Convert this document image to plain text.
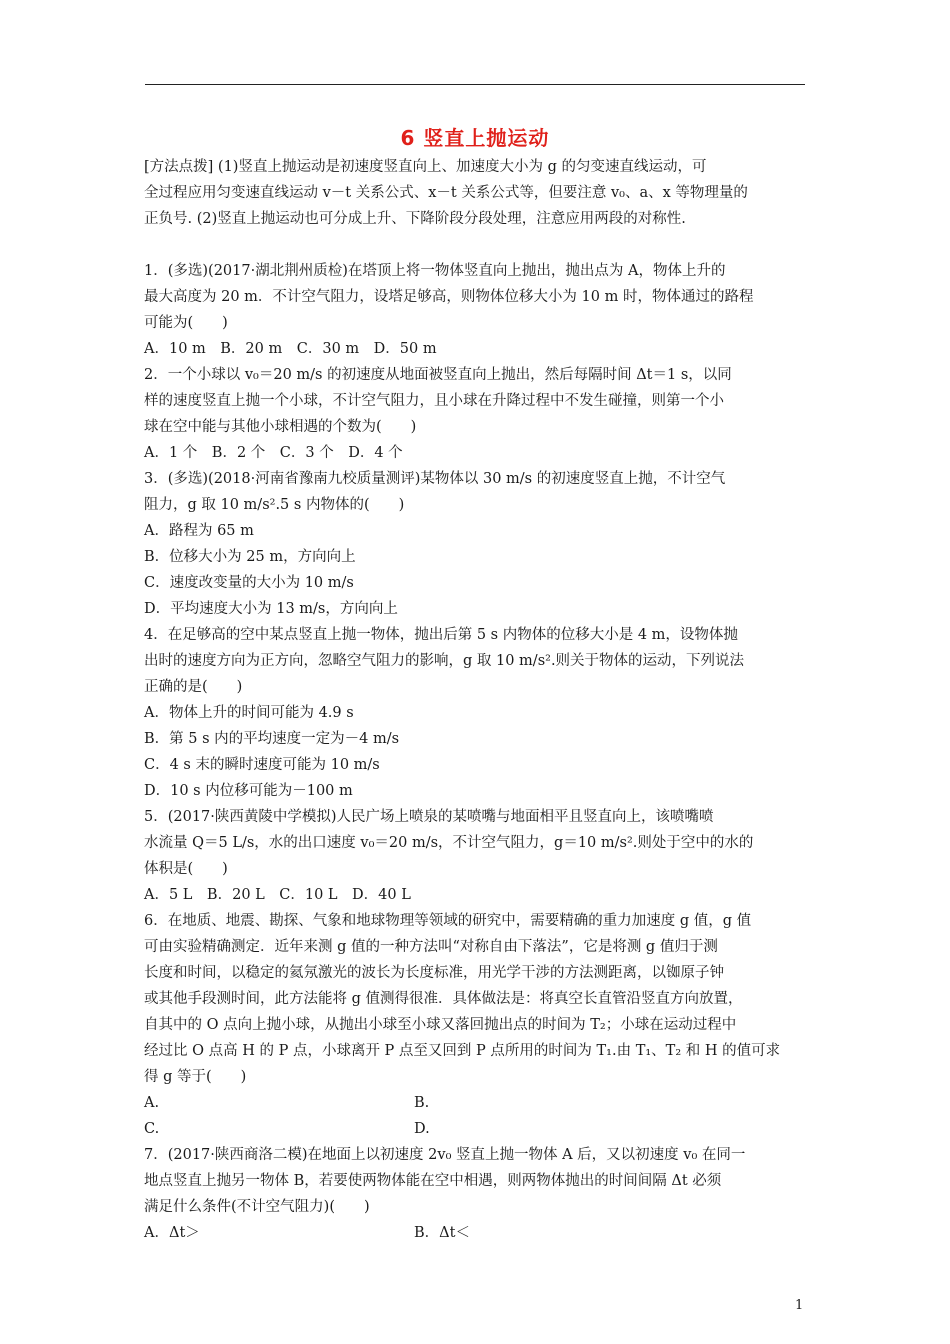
6 竖直上抛运动

[方法点拨] (1)竖直上抛运动是初速度竖直向上、加速度大小为 g 的匀变速直线运动，可

全过程应用匀变速直线运动 v－t 关系公式、x－t 关系公式等，但要注意 v₀、a、x 等物理量的

正负号. (2)竖直上抛运动也可分成上升、下降阶段分段处理，注意应用两段的对称性.

1．(多选)(2017·湖北荆州质检)在塔顶上将一物体竖直向上抛出，抛出点为 A，物体上升的

最大高度为 20 m．不计空气阻力，设塔足够高，则物体位移大小为 10 m 时，物体通过的路程

可能为(　　)

A．10 m　B．20 m　C．30 m　D．50 m

2．一个小球以 v₀＝20 m/s 的初速度从地面被竖直向上抛出，然后每隔时间 Δt＝1 s，以同

样的速度竖直上抛一个小球，不计空气阻力，且小球在升降过程中不发生碰撞，则第一个小

球在空中能与其他小球相遇的个数为(　　)

A．1 个　B．2 个　C．3 个　D．4 个

3．(多选)(2018·河南省豫南九校质量测评)某物体以 30 m/s 的初速度竖直上抛，不计空气

阻力，g 取 10 m/s².5 s 内物体的(　　)

A．路程为 65 m

B．位移大小为 25 m，方向向上

C．速度改变量的大小为 10 m/s

D．平均速度大小为 13 m/s，方向向上

4．在足够高的空中某点竖直上抛一物体，抛出后第 5 s 内物体的位移大小是 4 m，设物体抛

出时的速度方向为正方向，忽略空气阻力的影响，g 取 10 m/s².则关于物体的运动，下列说法

正确的是(　　)

A．物体上升的时间可能为 4.9 s

B．第 5 s 内的平均速度一定为－4 m/s

C．4 s 末的瞬时速度可能为 10 m/s

D．10 s 内位移可能为－100 m

5．(2017·陕西黄陵中学模拟)人民广场上喷泉的某喷嘴与地面相平且竖直向上，该喷嘴喷

水流量 Q＝5 L/s，水的出口速度 v₀＝20 m/s，不计空气阻力，g＝10 m/s².则处于空中的水的

体积是(　　)

A．5 L　B．20 L　C．10 L　D．40 L

6．在地质、地震、勘探、气象和地球物理等领域的研究中，需要精确的重力加速度 g 值，g 值

可由实验精确测定．近年来测 g 值的一种方法叫“对称自由下落法”，它是将测 g 值归于测

长度和时间，以稳定的氦氖激光的波长为长度标准，用光学干涉的方法测距离，以铷原子钟

或其他手段测时间，此方法能将 g 值测得很准．具体做法是：将真空长直管沿竖直方向放置，

自其中的 O 点向上抛小球，从抛出小球至小球又落回抛出点的时间为 T₂；小球在运动过程中

经过比 O 点高 H 的 P 点，小球离开 P 点至又回到 P 点所用的时间为 T₁.由 T₁、T₂ 和 H 的值可求

得 g 等于(　　)

A.	B.
C.	D.

7．(2017·陕西商洛二模)在地面上以初速度 2v₀ 竖直上抛一物体 A 后，又以初速度 v₀ 在同一

地点竖直上抛另一物体 B，若要使两物体能在空中相遇，则两物体抛出的时间间隔 Δt 必须

满足什么条件(不计空气阻力)(　　)

A．Δt＞	B．Δt＜
1
